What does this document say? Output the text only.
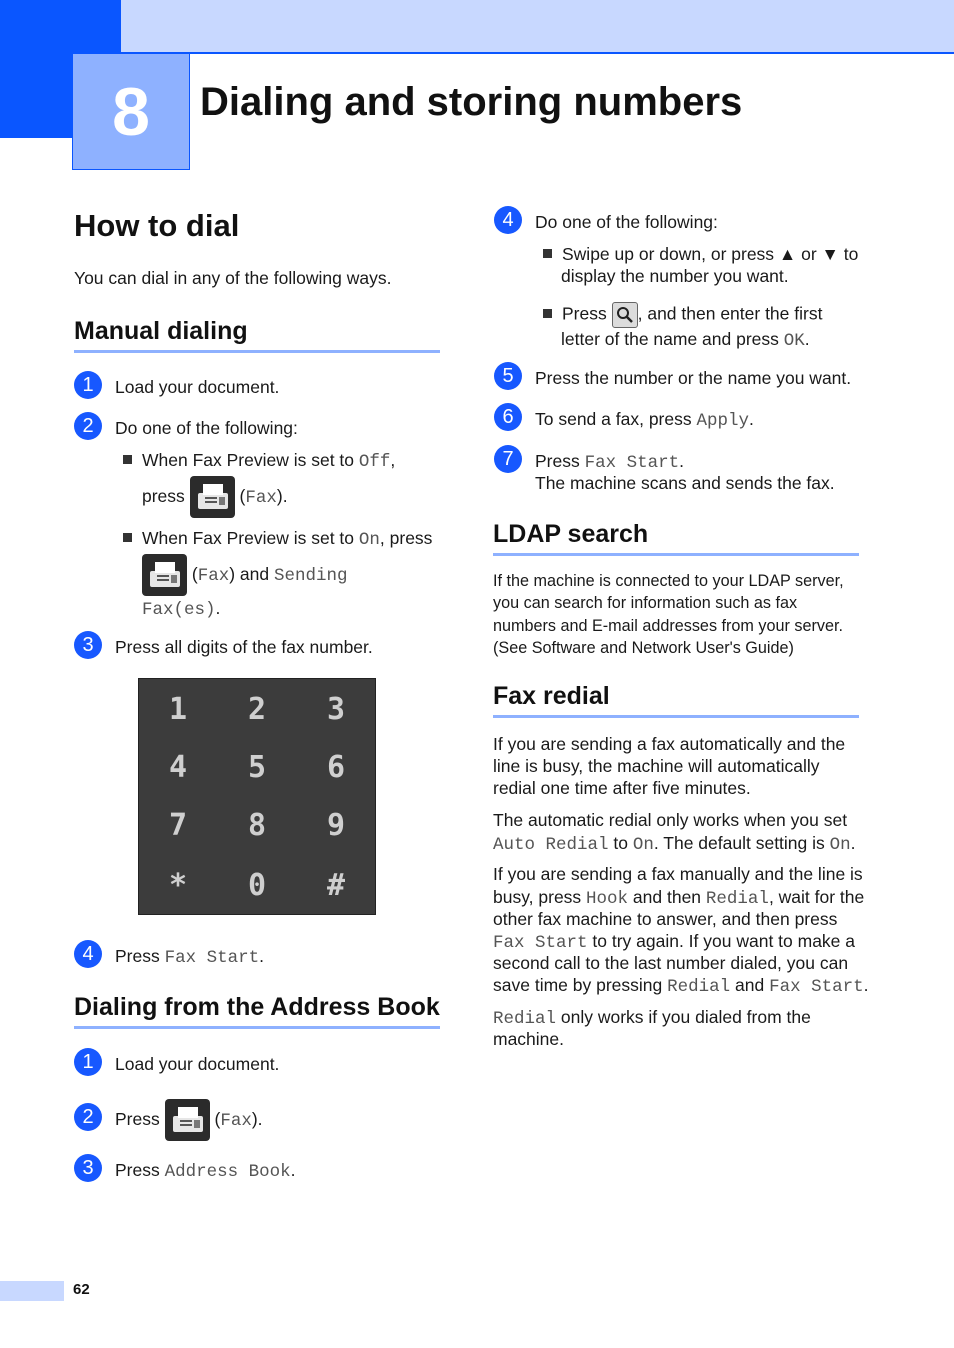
8 Dialing and storing numbers
How to dial
You can dial in any of the following ways.
Manual dialing
1	Load your document.
2	Do one of the following:
When Fax Preview is set to Off,
press	(Fax).
When Fax Preview is set to On, press
(Fax) and Sending
Fax(es).
3	Press all digits of the fax number.
1	2	3
4	5	6
7	8	9
*	0	#
4	Press Fax Start.
Dialing from the Address Book
1	Load your document.
2	Press	(Fax).
3	Press Address Book.
4	Do one of the following:
Swipe up or down, or press ▲ or ▼ to
display the number you want.
Press , and then enter the first
letter of the name and press OK.
5	Press the number or the name you want.
6	To send a fax, press Apply.
7	Press Fax Start.
The machine scans and sends the fax.
LDAP search
If the machine is connected to your LDAP server,
you can search for information such as fax
numbers and E-mail addresses from your server.
(See Software and Network User's Guide)
Fax redial
If you are sending a fax automatically and the
line is busy, the machine will automatically
redial one time after five minutes.
The automatic redial only works when you set
Auto Redial to On. The default setting is On.
If you are sending a fax manually and the line is
busy, press Hook and then Redial, wait for the
other fax machine to answer, and then press
Fax Start to try again. If you want to make a
second call to the last number dialed, you can
save time by pressing Redial and Fax Start.
Redial only works if you dialed from the
machine.
62
